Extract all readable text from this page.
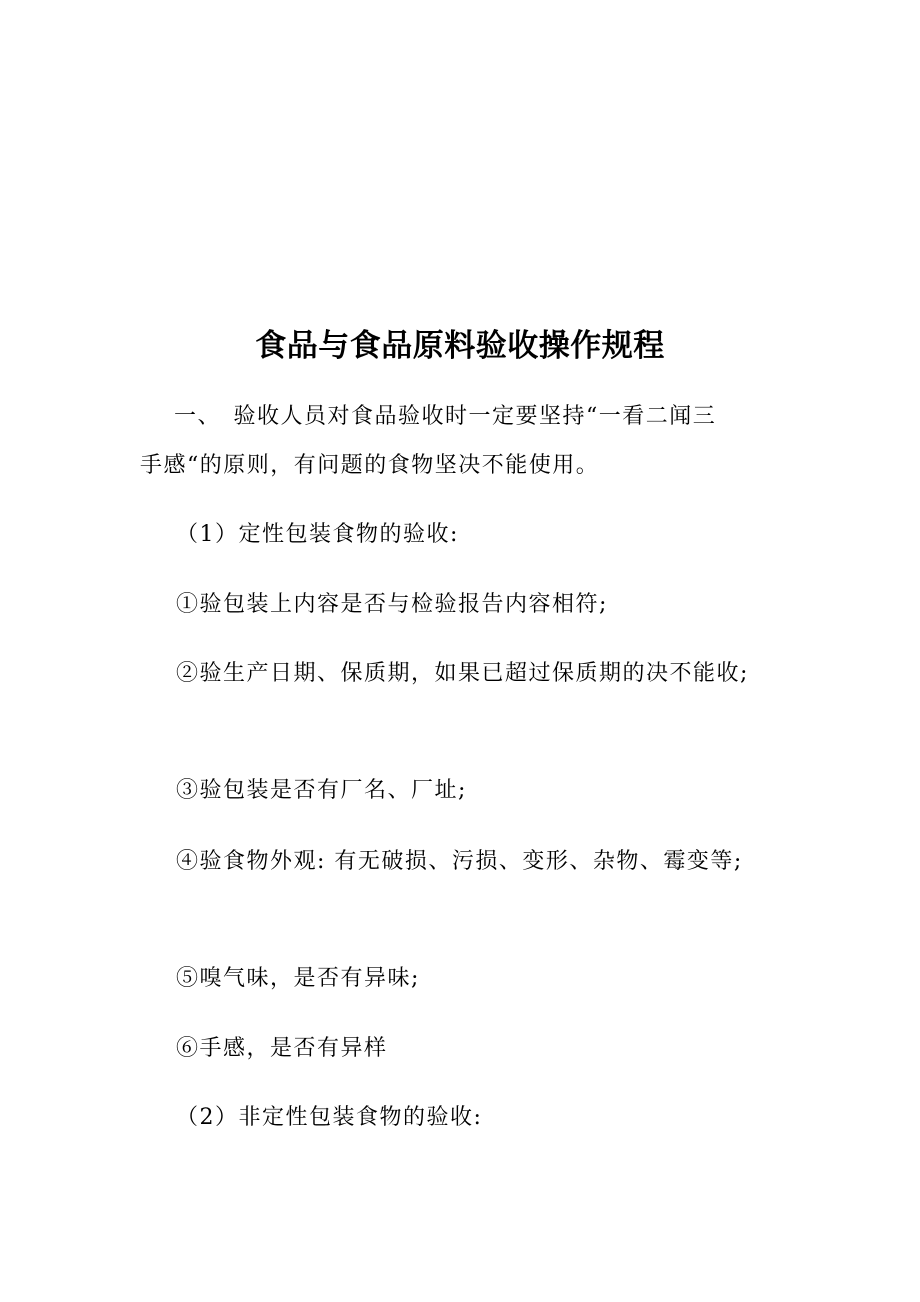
食品与食品原料验收操作规程
一、　验收人员对食品验收时一定要坚持“一看二闻三
手感“的原则，有问题的食物坚决不能使用。
（1）定性包装食物的验收:
①验包装上内容是否与检验报告内容相符;
②验生产日期、保质期，如果已超过保质期的决不能收;
③验包装是否有厂名、厂址;
④验食物外观: 有无破损、污损、变形、杂物、霉变等;
⑤嗅气味，是否有异味;
⑥手感，是否有异样
（2）非定性包装食物的验收:
